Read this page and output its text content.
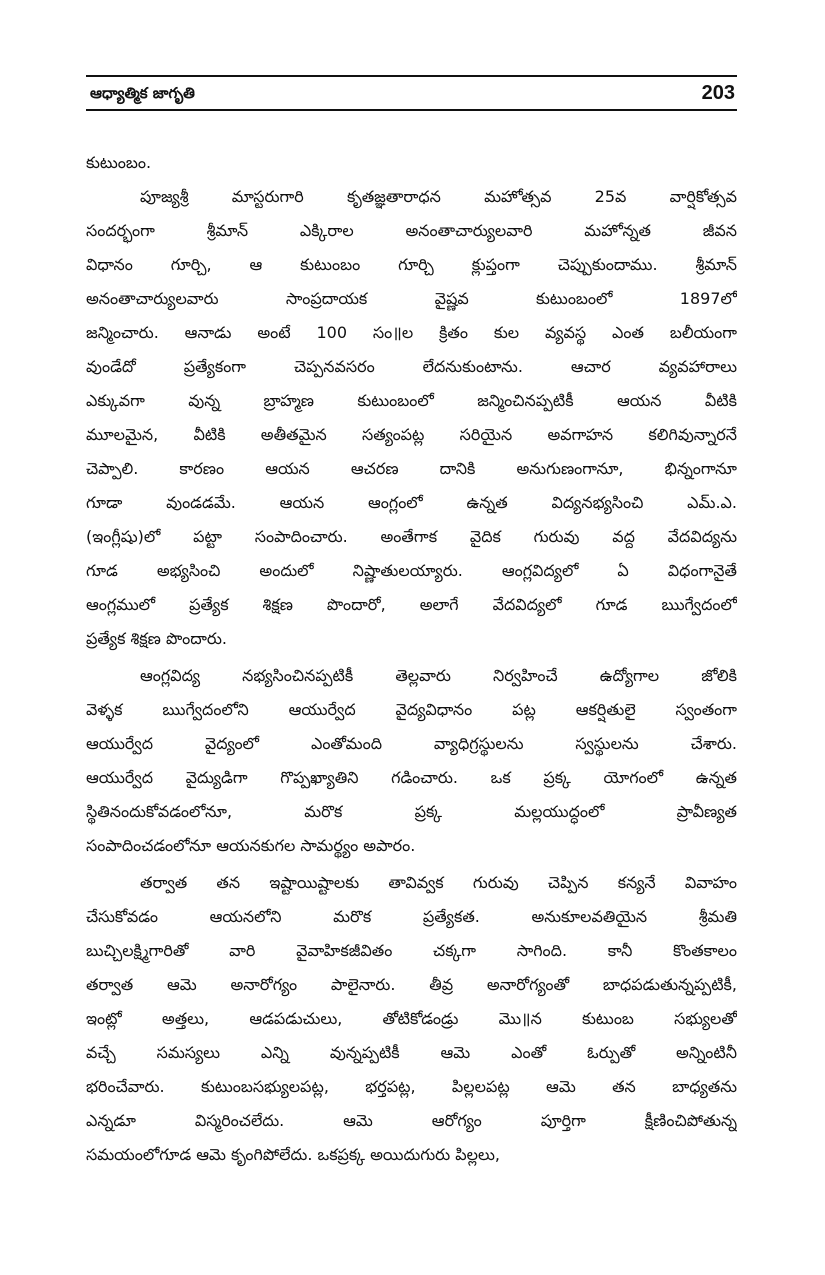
ఆధ్యాత్మిక జాగృతి	203
కుటుంబం.
పూజ్యశ్రీ మాస్టరుగారి కృతజ్ఞతారాధన మహోత్సవ 25వ వార్షికోత్సవ
సందర్భంగా శ్రీమాన్ ఎక్కిరాల అనంతాచార్యులవారి మహోన్నత జీవన
విధానం గూర్చి, ఆ కుటుంబం గూర్చి క్లుప్తంగా చెప్పుకుందాము. శ్రీమాన్
అనంతాచార్యులవారు సాంప్రదాయక వైష్ణవ కుటుంబంలో 1897లో
జన్మించారు. ఆనాడు అంటే 100 సం॥ల క్రితం కుల వ్యవస్థ ఎంత బలీయంగా
వుండేదో ప్రత్యేకంగా చెప్పనవసరం లేదనుకుంటాను. ఆచార వ్యవహారాలు
ఎక్కువగా వున్న బ్రాహ్మణ కుటుంబంలో జన్మించినప్పటికీ ఆయన వీటికి
మూలమైన, వీటికి అతీతమైన సత్యంపట్ల సరియైన అవగాహన కలిగివున్నారనే
చెప్పాలి. కారణం ఆయన ఆచరణ దానికి అనుగుణంగానూ, భిన్నంగానూ
గూడా వుండడమే. ఆయన ఆంగ్లంలో ఉన్నత విద్యనభ్యసించి ఎమ్.ఎ.
(ఇంగ్లీషు)లో పట్టా సంపాదించారు. అంతేగాక వైదిక గురువు వద్ద వేదవిద్యను
గూడ అభ్యసించి అందులో నిష్ణాతులయ్యారు. ఆంగ్లవిద్యలో ఏ విధంగానైతే
ఆంగ్లములో ప్రత్యేక శిక్షణ పొందారో, అలాగే వేదవిద్యలో గూడ ఋగ్వేదంలో
ప్రత్యేక శిక్షణ పొందారు.
ఆంగ్లవిద్య నభ్యసించినప్పటికీ తెల్లవారు నిర్వహించే ఉద్యోగాల జోలికి
వెళ్ళక ఋగ్వేదంలోని ఆయుర్వేద వైద్యవిధానం పట్ల ఆకర్షితులై స్వంతంగా
ఆయుర్వేద వైద్యంలో ఎంతోమంది వ్యాధిగ్రస్థులను స్వస్థులను చేశారు.
ఆయుర్వేద వైద్యుడిగా గొప్పఖ్యాతిని గడించారు. ఒక ప్రక్క యోగంలో ఉన్నత
స్థితినందుకోవడంలోనూ, మరొక ప్రక్క మల్లయుద్ధంలో ప్రావీణ్యత
సంపాదించడంలోనూ ఆయనకుగల సామర్థ్యం అపారం.
తర్వాత తన ఇష్టాయిష్టాలకు తావివ్వక గురువు చెప్పిన కన్యనే వివాహం
చేసుకోవడం ఆయనలోని మరొక ప్రత్యేకత. అనుకూలవతియైన శ్రీమతి
బుచ్చిలక్ష్మిగారితో వారి వైవాహికజీవితం చక్కగా సాగింది. కానీ కొంతకాలం
తర్వాత ఆమె అనారోగ్యం పాలైనారు. తీవ్ర అనారోగ్యంతో బాధపడుతున్నప్పటికీ,
ఇంట్లో అత్తలు, ఆడపడుచులు, తోటికోడండ్రు మొ॥న కుటుంబ సభ్యులతో
వచ్చే సమస్యలు ఎన్ని వున్నప్పటికీ ఆమె ఎంతో ఓర్పుతో అన్నింటినీ
భరించేవారు. కుటుంబసభ్యులపట్ల, భర్తపట్ల, పిల్లలపట్ల ఆమె తన బాధ్యతను
ఎన్నడూ విస్మరించలేదు. ఆమె ఆరోగ్యం పూర్తిగా క్షీణించిపోతున్న
సమయంలోగూడ ఆమె కృంగిపోలేదు. ఒకప్రక్క అయిదుగురు పిల్లలు,
